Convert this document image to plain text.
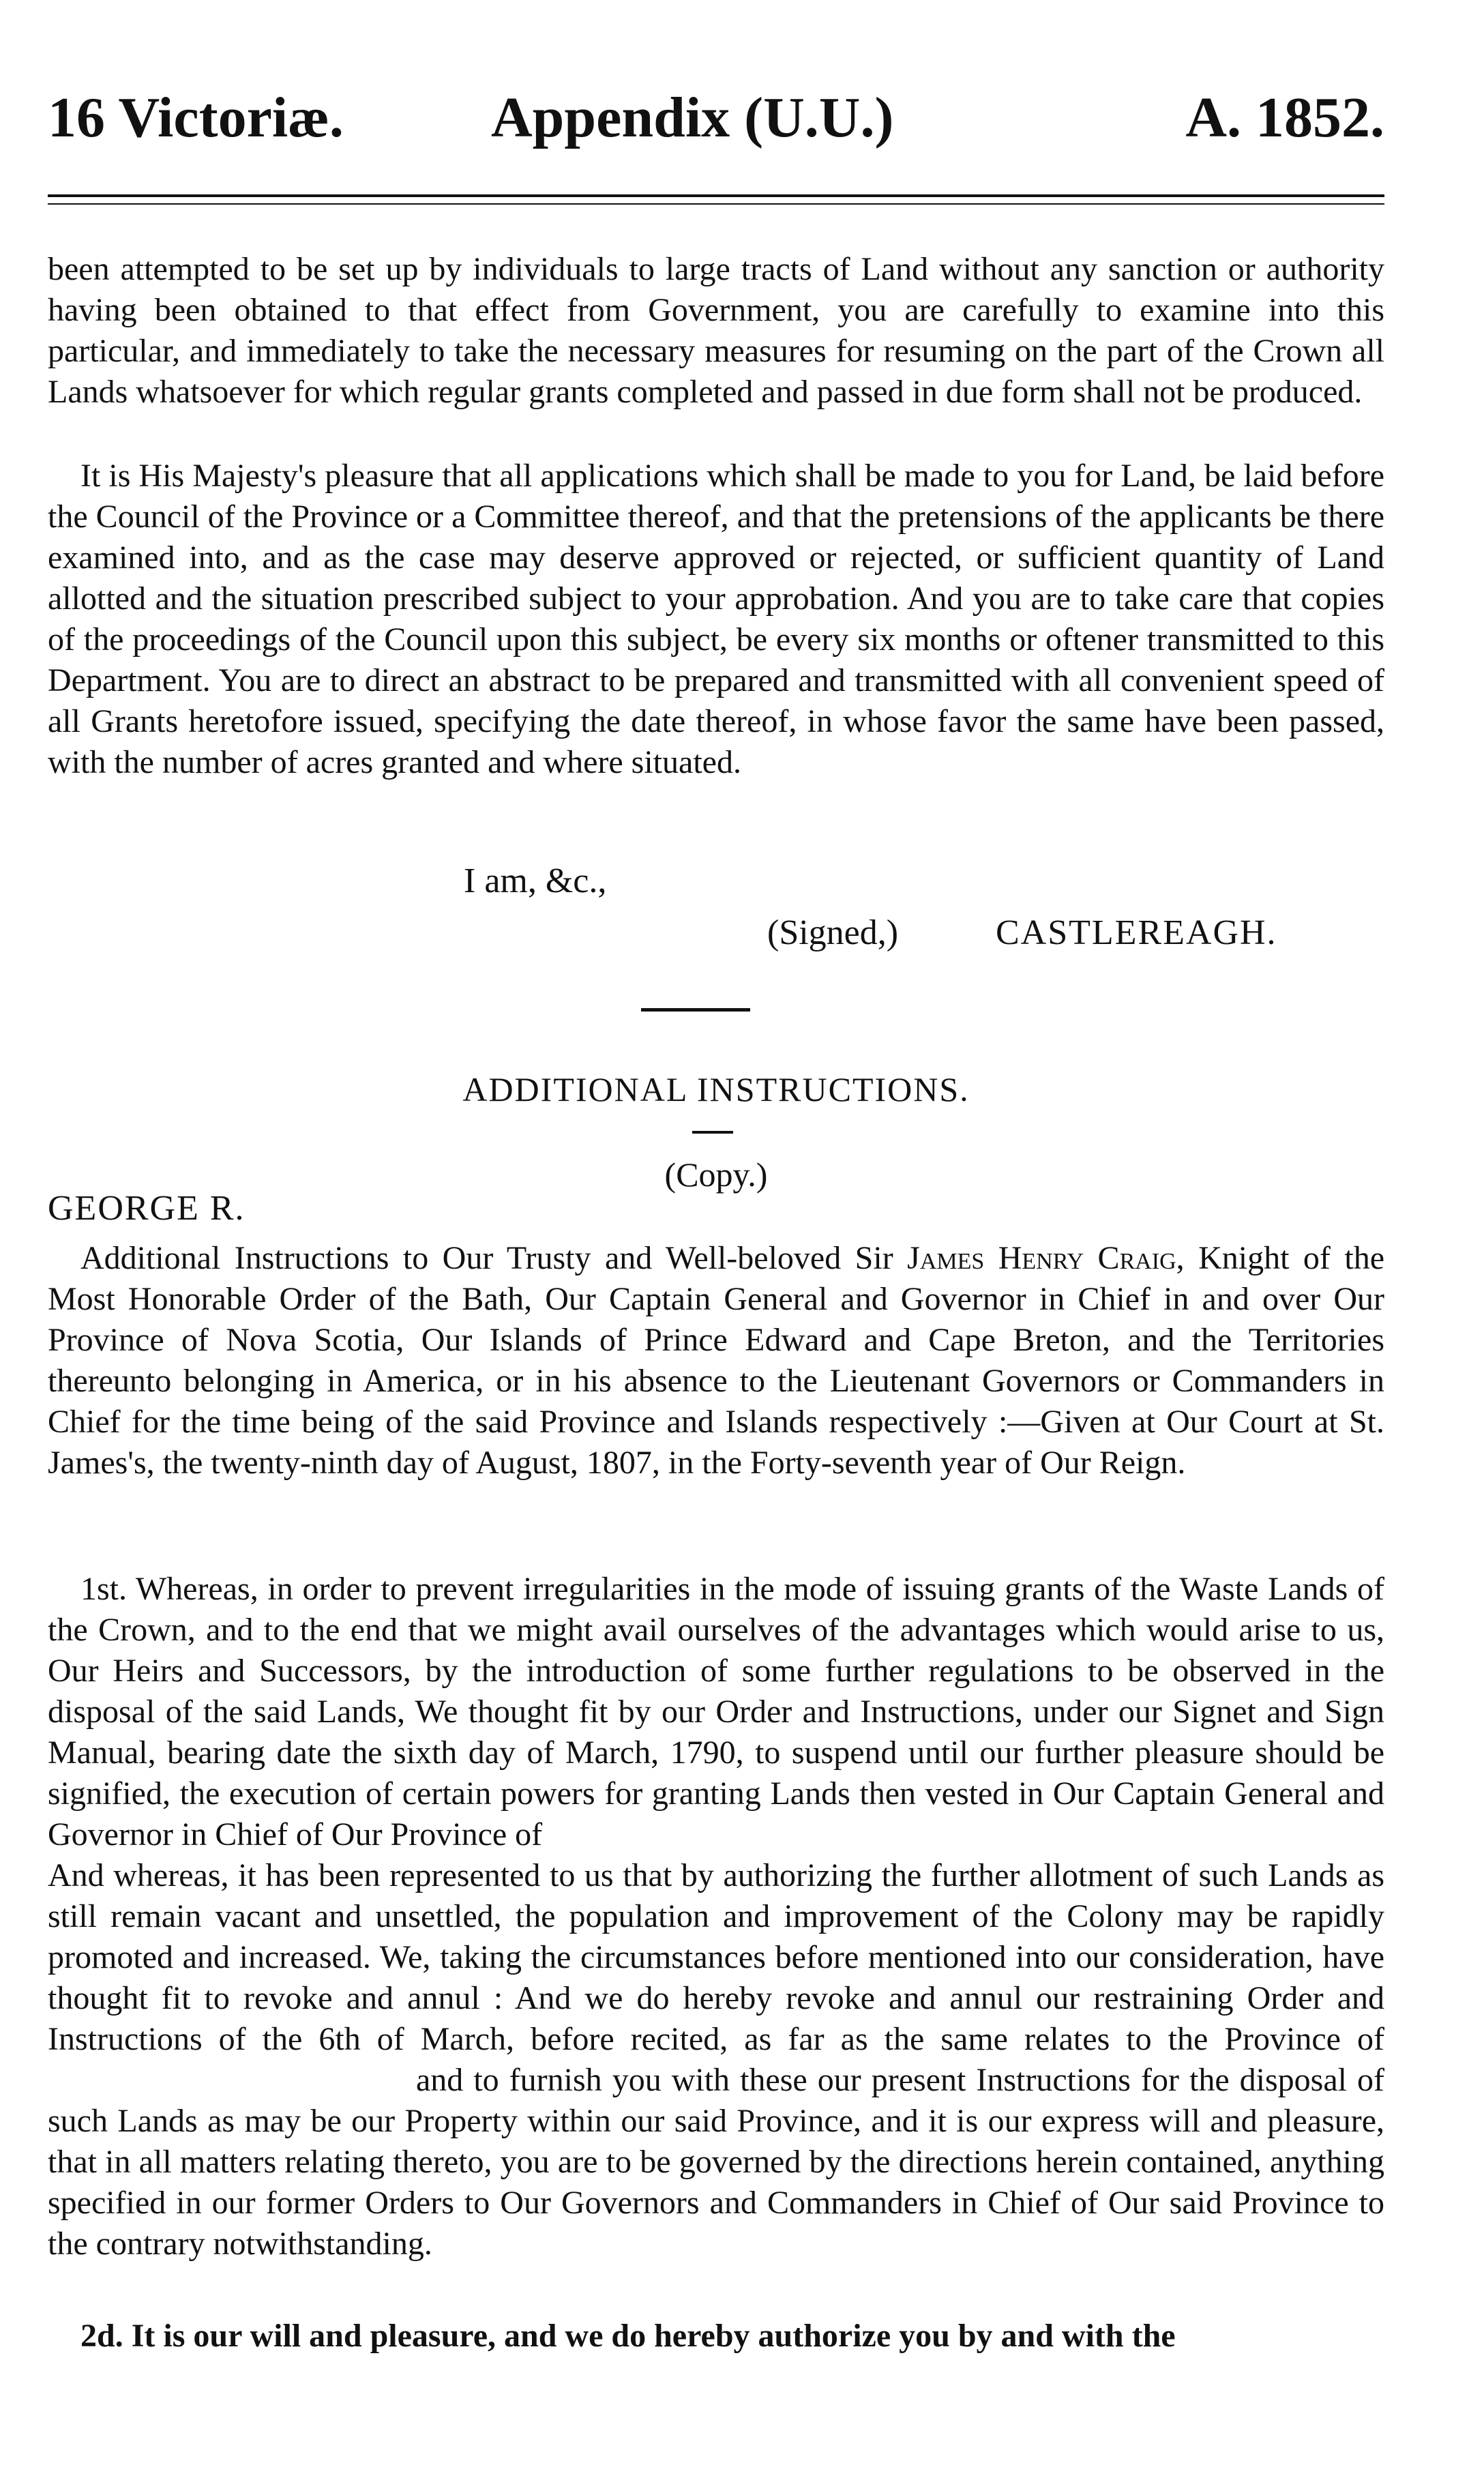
16 Victoriæ.	Appendix (U.U.)	A. 1852.

been attempted to be set up by individuals to large tracts of Land without any sanction or authority having been obtained to that effect from Government, you are carefully to examine into this particular, and immediately to take the necessary measures for resuming on the part of the Crown all Lands whatsoever for which regular grants completed and passed in due form shall not be produced.

It is His Majesty's pleasure that all applications which shall be made to you for Land, be laid before the Council of the Province or a Committee thereof, and that the pretensions of the applicants be there examined into, and as the case may deserve approved or rejected, or sufficient quantity of Land allotted and the situation prescribed subject to your approbation. And you are to take care that copies of the proceedings of the Council upon this subject, be every six months or oftener transmitted to this Department. You are to direct an abstract to be prepared and transmitted with all convenient speed of all Grants heretofore issued, specifying the date thereof, in whose favor the same have been passed, with the number of acres granted and where situated.

I am, &c.,
(Signed,)	CASTLEREAGH.
ADDITIONAL INSTRUCTIONS.
(Copy.)
GEORGE R.

Additional Instructions to Our Trusty and Well-beloved Sir James Henry Craig, Knight of the Most Honorable Order of the Bath, Our Captain General and Governor in Chief in and over Our Province of Nova Scotia, Our Islands of Prince Edward and Cape Breton, and the Territories thereunto belonging in America, or in his absence to the Lieutenant Governors or Commanders in Chief for the time being of the said Province and Islands respectively :—Given at Our Court at St. James's, the twenty-ninth day of August, 1807, in the Forty-seventh year of Our Reign.

1st. Whereas, in order to prevent irregularities in the mode of issuing grants of the Waste Lands of the Crown, and to the end that we might avail ourselves of the advantages which would arise to us, Our Heirs and Successors, by the introduction of some further regulations to be observed in the disposal of the said Lands, We thought fit by our Order and Instructions, under our Signet and Sign Manual, bearing date the sixth day of March, 1790, to suspend until our further pleasure should be signified, the execution of certain powers for granting Lands then vested in Our Captain General and Governor in Chief of Our Province of

And whereas, it has been represented to us that by authorizing the further allotment of such Lands as still remain vacant and unsettled, the population and improvement of the Colony may be rapidly promoted and increased. We, taking the circumstances before mentioned into our consideration, have thought fit to revoke and annul : And we do hereby revoke and annul our restraining Order and Instructions of the 6th of March, before recited, as far as the same relates to the Province ofand to furnish you with these our present Instructions for the disposal of such Lands as may be our Property within our said Province, and it is our express will and pleasure, that in all matters relating thereto, you are to be governed by the directions herein contained, anything specified in our former Orders to Our Governors and Commanders in Chief of Our said Province to the contrary notwithstanding.

2d. It is our will and pleasure, and we do hereby authorize you by and with the
